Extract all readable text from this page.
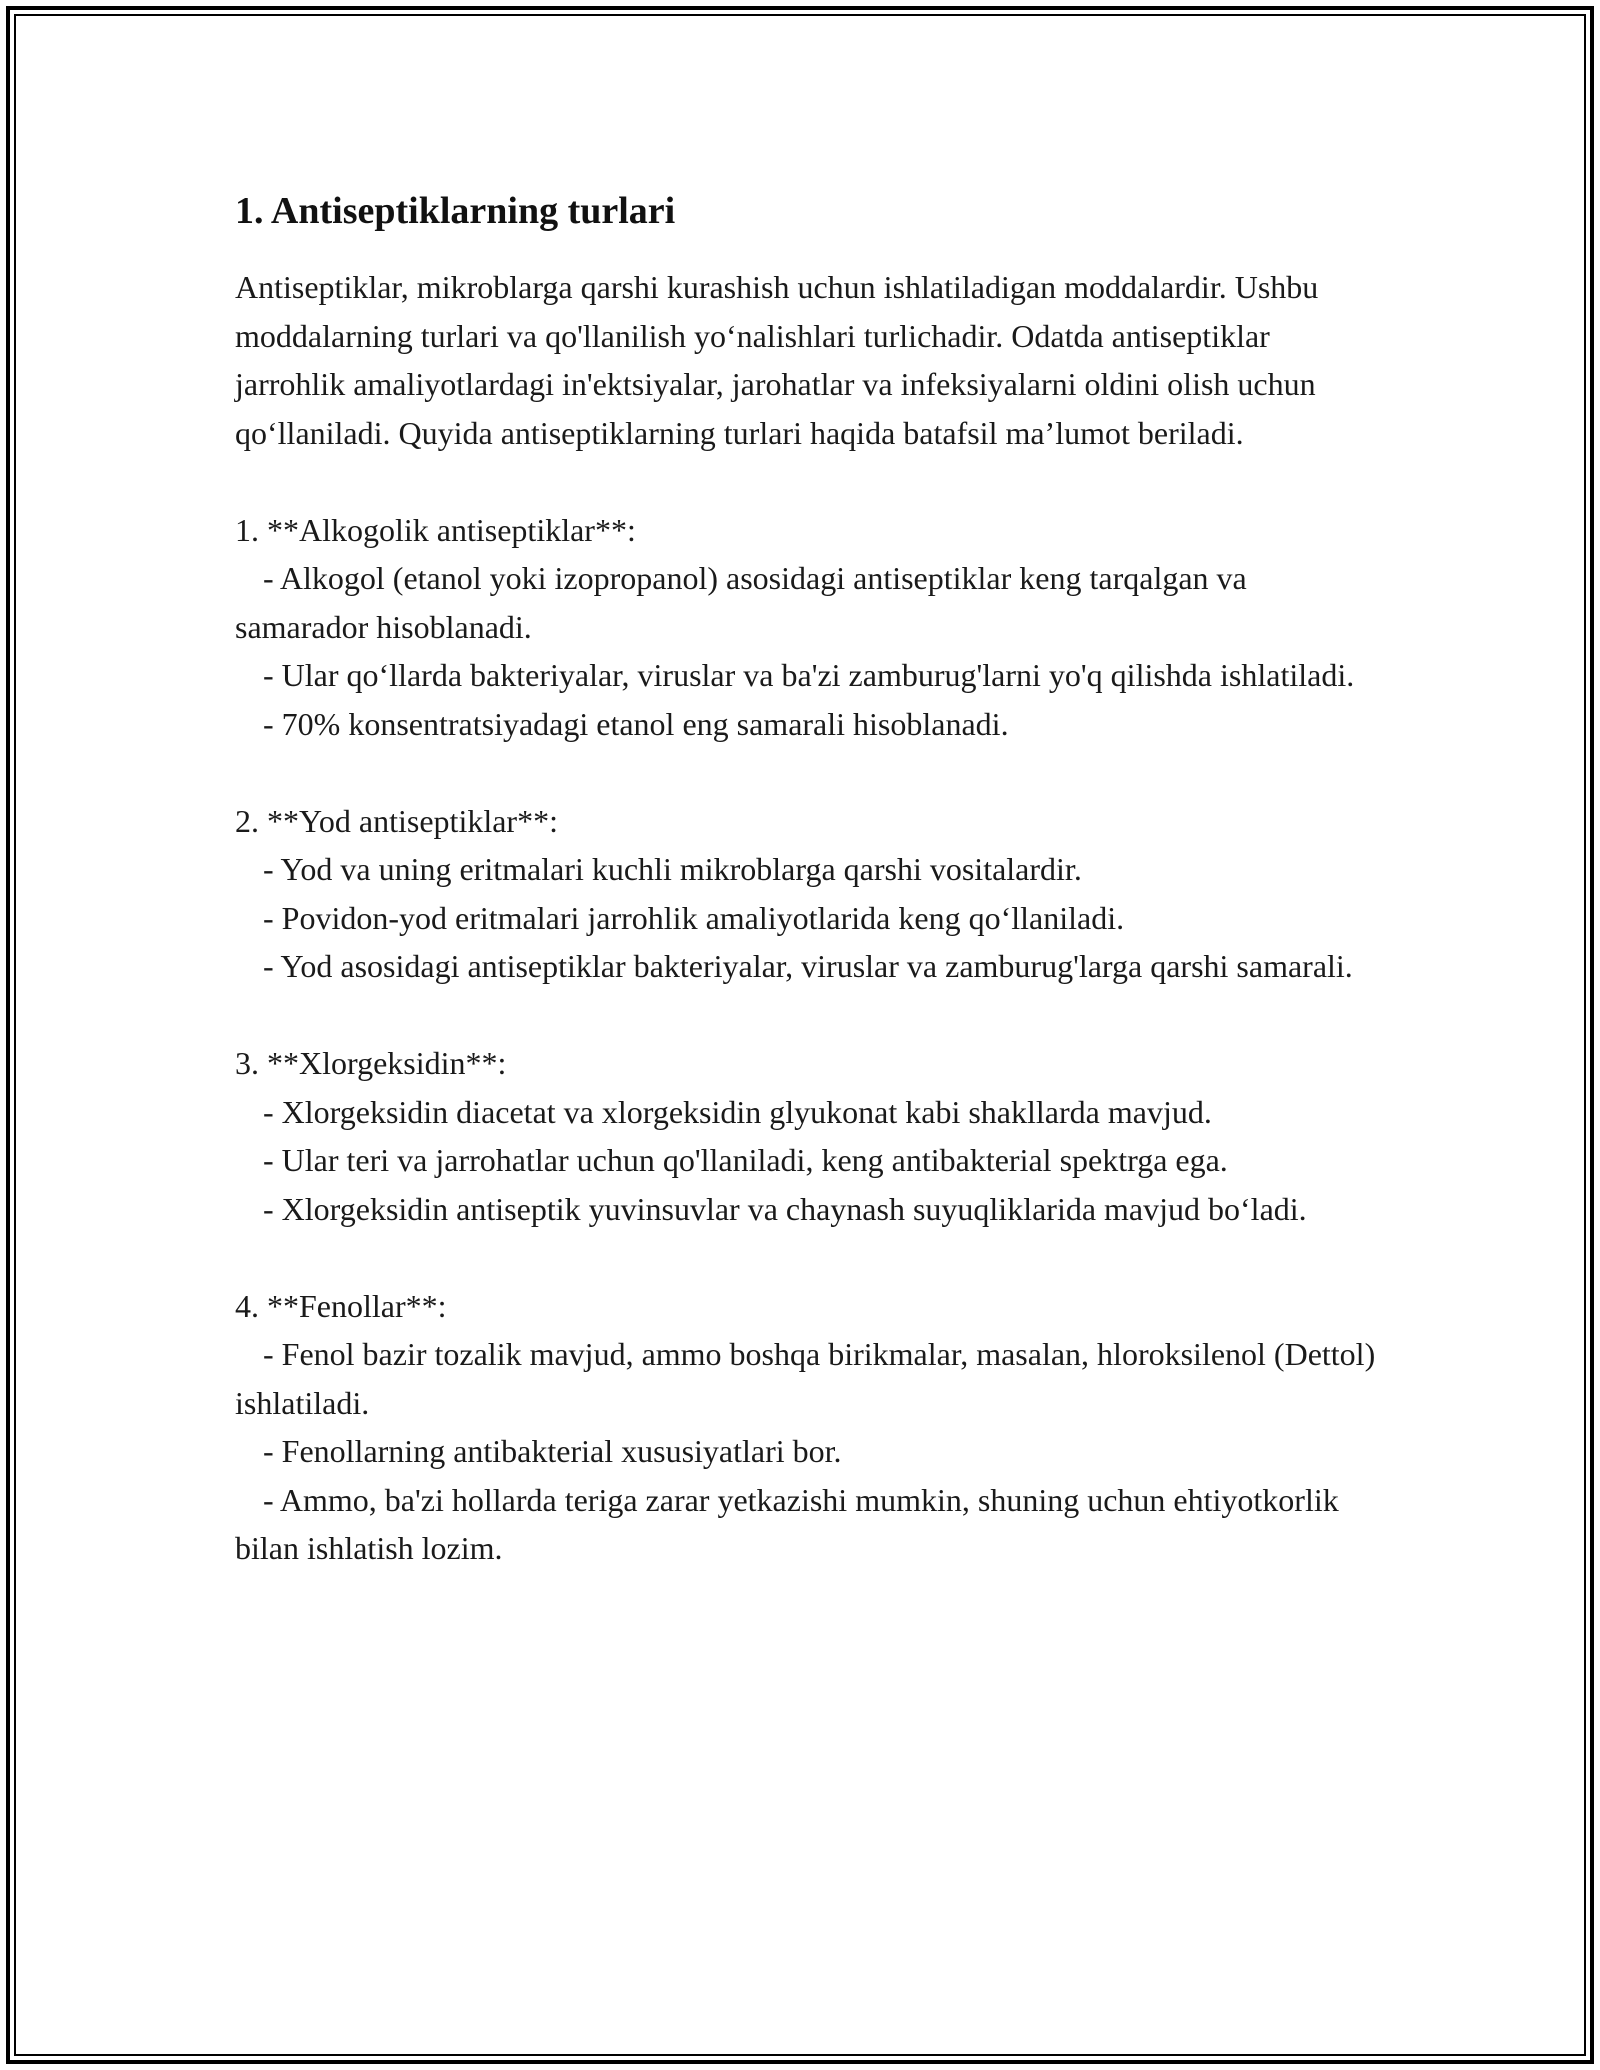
1. Antiseptiklarning turlari

Antiseptiklar, mikroblarga qarshi kurashish uchun ishlatiladigan moddalardir. Ushbu moddalarning turlari va qo'llanilish yo‘nalishlari turlichadir. Odatda antiseptiklar jarrohlik amaliyotlardagi in'ektsiyalar, jarohatlar va infeksiyalarni oldini olish uchun qo‘llaniladi. Quyida antiseptiklarning turlari haqida batafsil ma’lumot beriladi.

1. **Alkogolik antiseptiklar**:

- Alkogol (etanol yoki izopropanol) asosidagi antiseptiklar keng tarqalgan va samarador hisoblanadi.

- Ular qo‘llarda bakteriyalar, viruslar va ba'zi zamburug'larni yo'q qilishda ishlatiladi.

- 70% konsentratsiyadagi etanol eng samarali hisoblanadi.

2. **Yod antiseptiklar**:

- Yod va uning eritmalari kuchli mikroblarga qarshi vositalardir.

- Povidon-yod eritmalari jarrohlik amaliyotlarida keng qo‘llaniladi.

- Yod asosidagi antiseptiklar bakteriyalar, viruslar va zamburug'larga qarshi samarali.

3. **Xlorgeksidin**:

- Xlorgeksidin diacetat va xlorgeksidin glyukonat kabi shakllarda mavjud.

- Ular teri va jarrohatlar uchun qo'llaniladi, keng antibakterial spektrga ega.

- Xlorgeksidin antiseptik yuvinsuvlar va chaynash suyuqliklarida mavjud bo‘ladi.

4. **Fenollar**:

- Fenol bazir tozalik mavjud, ammo boshqa birikmalar, masalan, hloroksilenol (Dettol) ishlatiladi.

- Fenollarning antibakterial xususiyatlari bor.

- Ammo, ba'zi hollarda teriga zarar yetkazishi mumkin, shuning uchun ehtiyotkorlik bilan ishlatish lozim.
